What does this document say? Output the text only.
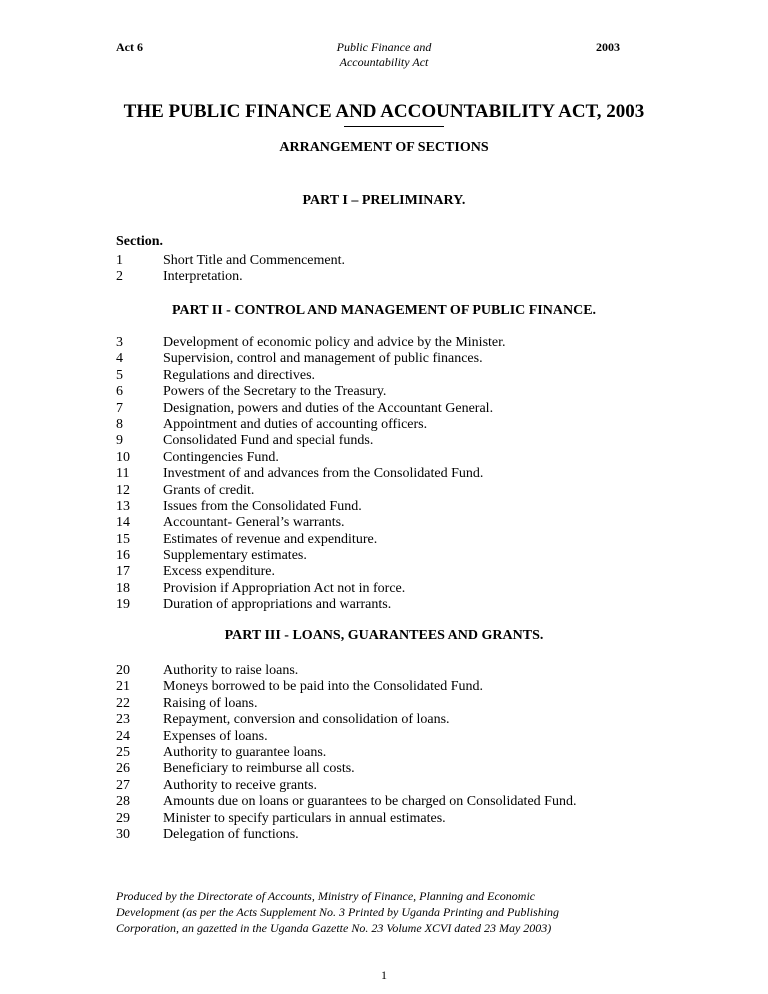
Act 6	Public Finance and
Accountability Act
2003
THE PUBLIC FINANCE AND ACCOUNTABILITY ACT, 2003
ARRANGEMENT OF SECTIONS
PART I – PRELIMINARY.
Section.
1	Short Title and Commencement.
2	Interpretation.
PART II - CONTROL AND MANAGEMENT OF PUBLIC FINANCE.
3	Development of economic policy and advice by the Minister.
4	Supervision, control and management of public finances.
5	Regulations and directives.
6	Powers of the Secretary to the Treasury.
7	Designation, powers and duties of the Accountant General.
8	Appointment and duties of accounting officers.
9	Consolidated Fund and special funds.
10 Contingencies Fund.
11 Investment of and advances from the Consolidated Fund.
12 Grants of credit.
13 Issues from the Consolidated Fund.
14 Accountant- General’s warrants.
15 Estimates of revenue and expenditure.
16 Supplementary estimates.
17 Excess expenditure.
18 Provision if Appropriation Act not in force.
19 Duration of appropriations and warrants.
PART III - LOANS, GUARANTEES AND GRANTS.
20 Authority to raise loans.
21 Moneys borrowed to be paid into the Consolidated Fund.
22 Raising of loans.
23 Repayment, conversion and consolidation of loans.
24 Expenses of loans.
25 Authority to guarantee loans.
26 Beneficiary to reimburse all costs.
27 Authority to receive grants.
28 Amounts due on loans or guarantees to be charged on Consolidated Fund.
29 Minister to specify particulars in annual estimates.
30 Delegation of functions.
Produced by the Directorate of Accounts, Ministry of Finance, Planning and Economic
Development (as per the Acts Supplement No. 3 Printed by Uganda Printing and Publishing
Corporation, an gazetted in the Uganda Gazette No. 23 Volume XCVI dated 23 May 2003)
1
